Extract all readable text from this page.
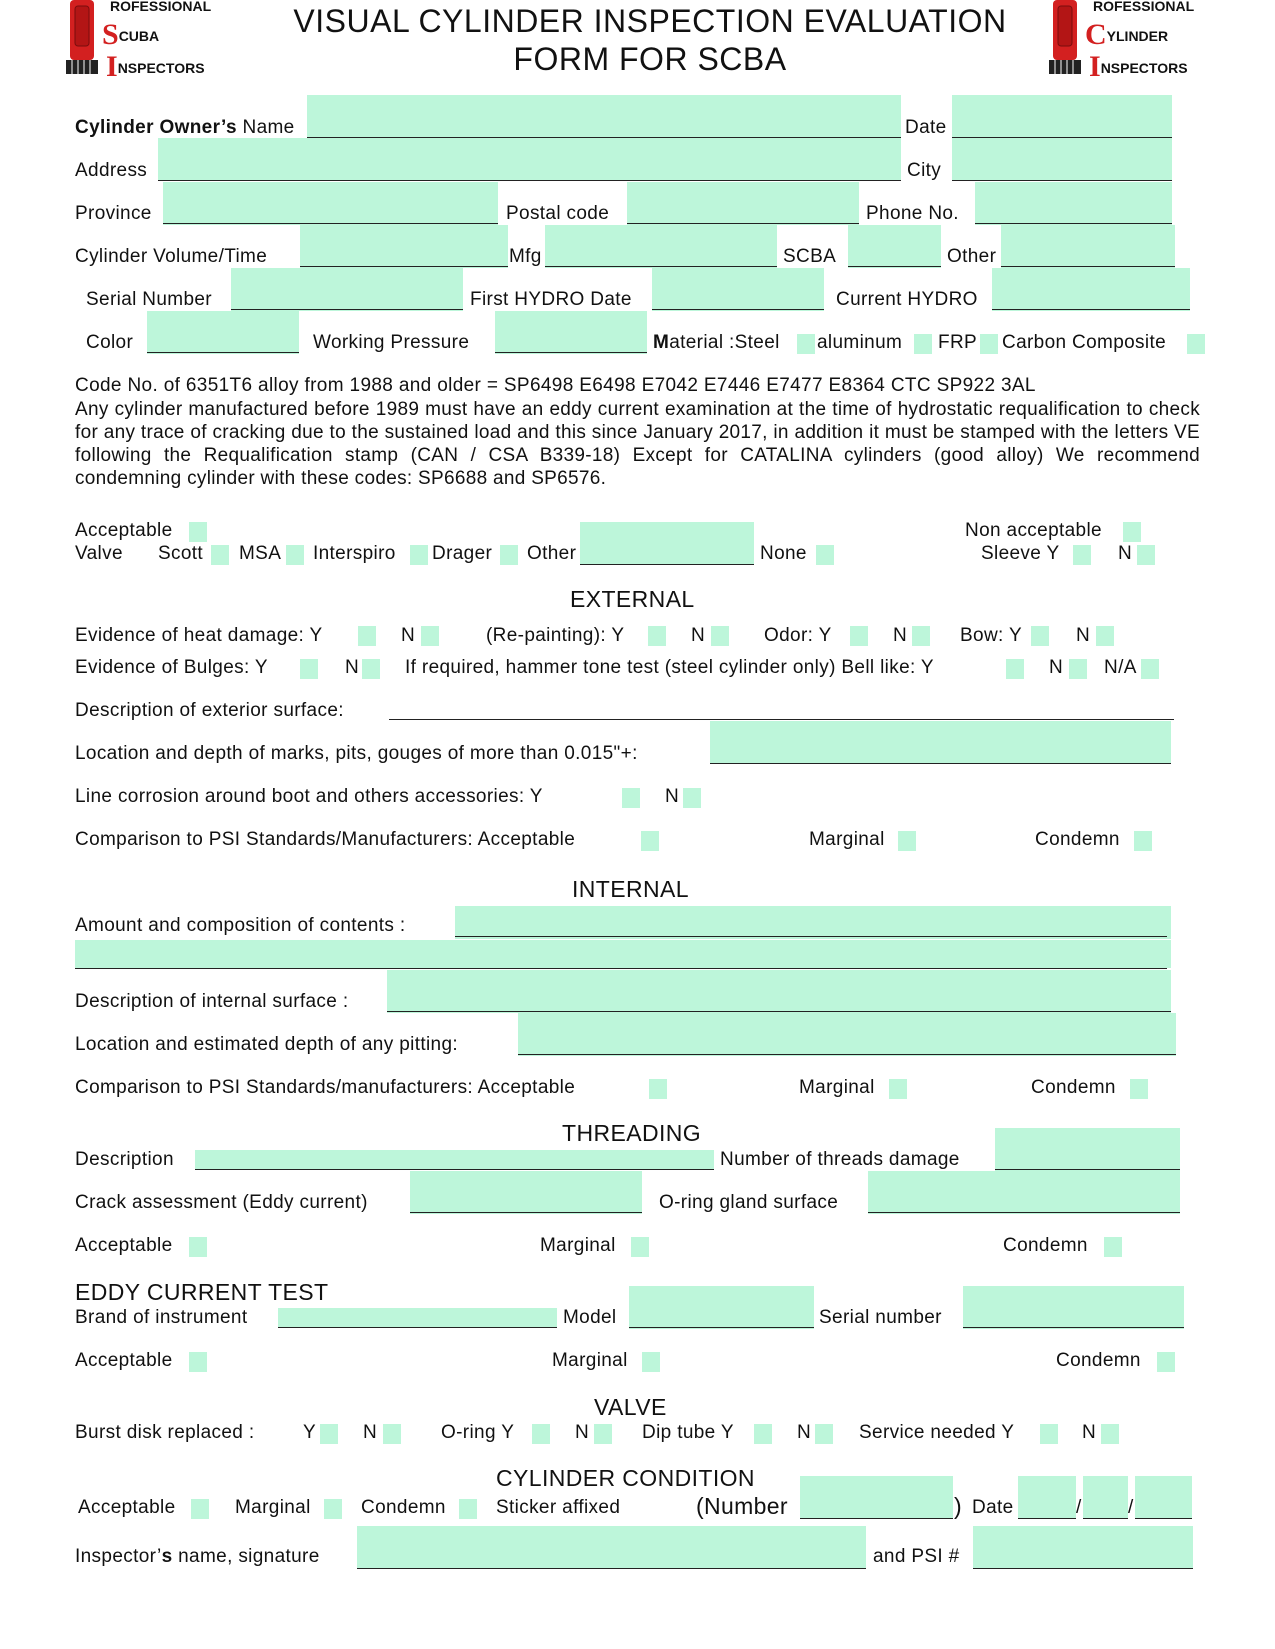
ROFESSIONAL
SCUBA
INSPECTORS
ROFESSIONAL
CYLINDER
INSPECTORS
VISUAL CYLINDER INSPECTION EVALUATION
FORM FOR SCBA
Cylinder Owner’s Name	Date
Address	City
Province	Postal code	Phone No.
Cylinder Volume/Time	Mfg	SCBA	Other
Serial Number	First HYDRO Date	Current HYDRO
Color	Working Pressure	Material :Steel aluminum FRP Carbon Composite
Code No. of 6351T6 alloy from 1988 and older = SP6498 E6498 E7042 E7446 E7477 E8364 CTC SP922 3AL
Any cylinder manufactured before 1989 must have an eddy current examination at the time of hydrostatic requalification to check for any trace of cracking due to the sustained load and this since January 2017, in addition it must be stamped with the letters VE following the Requalification stamp (CAN / CSA B339-18) Except for CATALINA cylinders (good alloy) We recommend condemning cylinder with these codes: SP6688 and SP6576.
Acceptable	Non acceptable
Valve Scott MSA Interspiro Drager Other	None	Sleeve Y	N
EXTERNAL
Evidence of heat damage: Y	N	(Re-painting): Y	N	Odor: Y	N	Bow: Y	N
Evidence of Bulges: Y	N If required, hammer tone test (steel cylinder only) Bell like: Y	N N/A
Description of exterior surface:
Location and depth of marks, pits, gouges of more than 0.015"+:
Line corrosion around boot and others accessories: Y	N
Comparison to PSI Standards/Manufacturers: Acceptable	Marginal	Condemn
INTERNAL
Amount and composition of contents :
Description of internal surface :
Location and estimated depth of any pitting:
Comparison to PSI Standards/manufacturers: Acceptable	Marginal	Condemn
THREADING
Description	Number of threads damage
Crack assessment (Eddy current)	O-ring gland surface
Acceptable	Marginal	Condemn
EDDY CURRENT TEST
Brand of instrument	Model	Serial number
Acceptable	Marginal	Condemn
VALVE
Burst disk replaced :	Y N	O-ring Y	N	Dip tube Y	N	Service needed Y	N
CYLINDER CONDITION
Acceptable	Marginal	Condemn	Sticker affixed	(Number	) Date	/ /
Inspector’s name, signature	and PSI #
